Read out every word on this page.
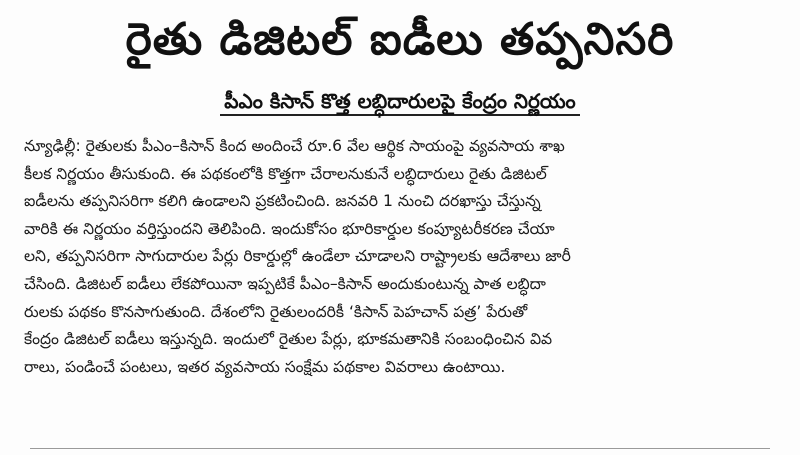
రైతు డిజిటల్ ఐడీలు తప్పనిసరి
పీఎం కిసాన్ కొత్త లబ్ధిదారులపై కేంద్రం నిర్ణయం
న్యూఢిల్లీ: రైతులకు పీఎం–కిసాన్ కింద అందించే రూ.6 వేల ఆర్థిక సాయంపై వ్యవసాయ శాఖ
కీలక నిర్ణయం తీసుకుంది. ఈ పథకంలోకి కొత్తగా చేరాలనుకునే లబ్ధిదారులు రైతు డిజిటల్
ఐడీలను తప్పనిసరిగా కలిగి ఉండాలని ప్రకటించింది. జనవరి 1 నుంచి దరఖాస్తు చేస్తున్న
వారికి ఈ నిర్ణయం వర్తిస్తుందని తెలిపింది. ఇందుకోసం భూరికార్డుల కంప్యూటరీకరణ చేయా
లని, తప్పనిసరిగా సాగుదారుల పేర్లు రికార్డుల్లో ఉండేలా చూడాలని రాష్ట్రాలకు ఆదేశాలు జారీ
చేసింది. డిజిటల్ ఐడీలు లేకపోయినా ఇప్పటికే పీఎం–కిసాన్ అందుకుంటున్న పాత లబ్ధిదా
రులకు పథకం కొనసాగుతుంది. దేశంలోని రైతులందరికీ ‘కిసాన్ పెహచాన్ పత్ర’ పేరుతో
కేంద్రం డిజిటల్ ఐడీలు ఇస్తున్నది. ఇందులో రైతుల పేర్లు, భూకమతానికి సంబంధించిన వివ
రాలు, పండించే పంటలు, ఇతర వ్యవసాయ సంక్షేమ పథకాల వివరాలు ఉంటాయి.
